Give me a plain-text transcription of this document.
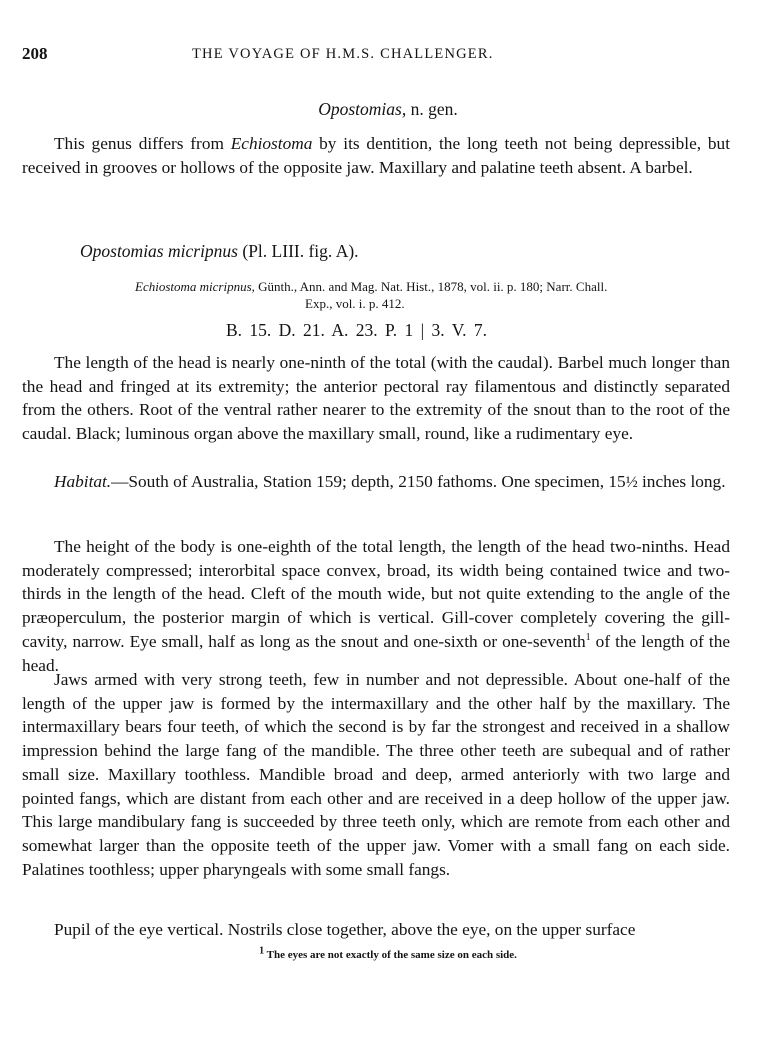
208	THE VOYAGE OF H.M.S. CHALLENGER.
Opostomias, n. gen.
This genus differs from Echiostoma by its dentition, the long teeth not being depressible, but received in grooves or hollows of the opposite jaw. Maxillary and palatine teeth absent. A barbel.
Opostomias micripnus (Pl. LIII. fig. A).
Echiostoma micripnus, Günth., Ann. and Mag. Nat. Hist., 1878, vol. ii. p. 180; Narr. Chall.
Exp., vol. i. p. 412.
B. 15. D. 21. A. 23. P. 1 | 3. V. 7.
The length of the head is nearly one-ninth of the total (with the caudal). Barbel much longer than the head and fringed at its extremity; the anterior pectoral ray filamentous and distinctly separated from the others. Root of the ventral rather nearer to the extremity of the snout than to the root of the caudal. Black; luminous organ above the maxillary small, round, like a rudimentary eye.
Habitat.—South of Australia, Station 159; depth, 2150 fathoms. One specimen, 15½ inches long.
The height of the body is one-eighth of the total length, the length of the head two-ninths. Head moderately compressed; interorbital space convex, broad, its width being contained twice and two-thirds in the length of the head. Cleft of the mouth wide, but not quite extending to the angle of the præoperculum, the posterior margin of which is vertical. Gill-cover completely covering the gill-cavity, narrow. Eye small, half as long as the snout and one-sixth or one-seventh$^1$ of the length of the head.
Jaws armed with very strong teeth, few in number and not depressible. About one-half of the length of the upper jaw is formed by the intermaxillary and the other half by the maxillary. The intermaxillary bears four teeth, of which the second is by far the strongest and received in a shallow impression behind the large fang of the mandible. The three other teeth are subequal and of rather small size. Maxillary toothless. Mandible broad and deep, armed anteriorly with two large and pointed fangs, which are distant from each other and are received in a deep hollow of the upper jaw. This large mandibulary fang is succeeded by three teeth only, which are remote from each other and somewhat larger than the opposite teeth of the upper jaw. Vomer with a small fang on each side. Palatines toothless; upper pharyngeals with some small fangs.
Pupil of the eye vertical. Nostrils close together, above the eye, on the upper surface
$^1$ The eyes are not exactly of the same size on each side.
